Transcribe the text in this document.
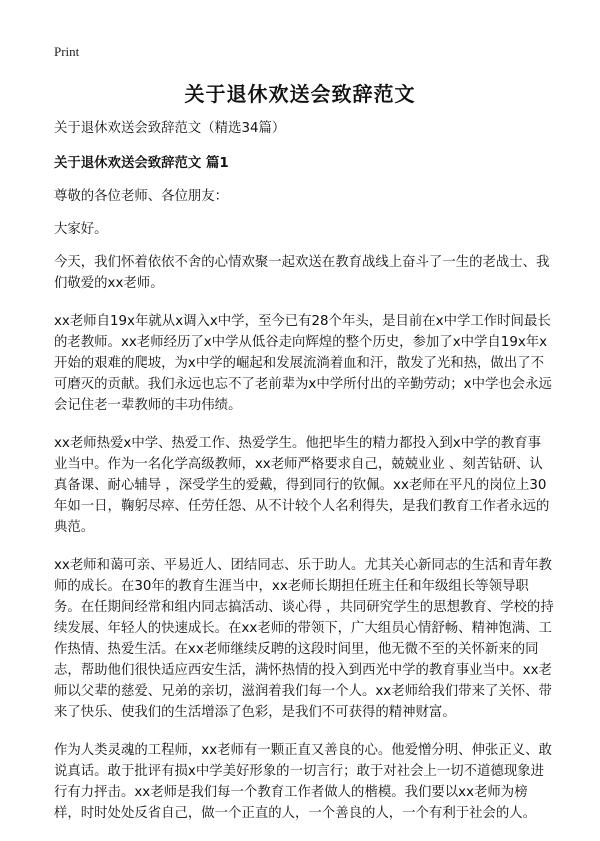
Print
关于退休欢送会致辞范文

关于退休欢送会致辞范文（精选34篇）

关于退休欢送会致辞范文 篇1

尊敬的各位老师、各位朋友：

大家好。

今天，我们怀着依依不舍的心情欢聚一起欢送在教育战线上奋斗了一生的老战士、我们敬爱的xx老师。

xx老师自19x年就从x调入x中学，至今已有28个年头，是目前在x中学工作时间最长的老教师。xx老师经历了x中学从低谷走向辉煌的整个历史，参加了x中学自19x年x开始的艰难的爬坡，为x中学的崛起和发展流淌着血和汗，散发了光和热，做出了不可磨灭的贡献。我们永远也忘不了老前辈为x中学所付出的辛勤劳动；x中学也会永远会记住老一辈教师的丰功伟绩。

xx老师热爱x中学、热爱工作、热爱学生。他把毕生的精力都投入到x中学的教育事业当中。作为一名化学高级教师，xx老师严格要求自己，兢兢业业 、刻苦钻研、认真备课、耐心辅导 ，深受学生的爱戴，得到同行的钦佩。xx老师在平凡的岗位上30年如一日，鞠躬尽瘁、任劳任怨、从不计较个人名利得失，是我们教育工作者永远的典范。

xx老师和蔼可亲、平易近人、团结同志、乐于助人。尤其关心新同志的生活和青年教师的成长。在30年的教育生涯当中，xx老师长期担任班主任和年级组长等领导职务。在任期间经常和组内同志搞活动、谈心得 ，共同研究学生的思想教育、学校的持续发展、年轻人的快速成长。在xx老师的带领下，广大组员心情舒畅、精神饱满、工作热情、热爱生活。在xx老师继续反聘的这段时间里，他无微不至的关怀新来的同志，帮助他们很快适应西安生活，满怀热情的投入到西光中学的教育事业当中。xx老师以父辈的慈爱、兄弟的亲切，滋润着我们每一个人。xx老师给我们带来了关怀、带来了快乐、使我们的生活增添了色彩，是我们不可获得的精神财富。

作为人类灵魂的工程师，xx老师有一颗正直又善良的心。他爱憎分明、伸张正义、敢说真话。敢于批评有损x中学美好形象的一切言行；敢于对社会上一切不道德现象进行有力抨击。xx老师是我们每一个教育工作者做人的楷模。我们要以xx老师为榜样，时时处处反省自己，做一个正直的人，一个善良的人，一个有利于社会的人。
